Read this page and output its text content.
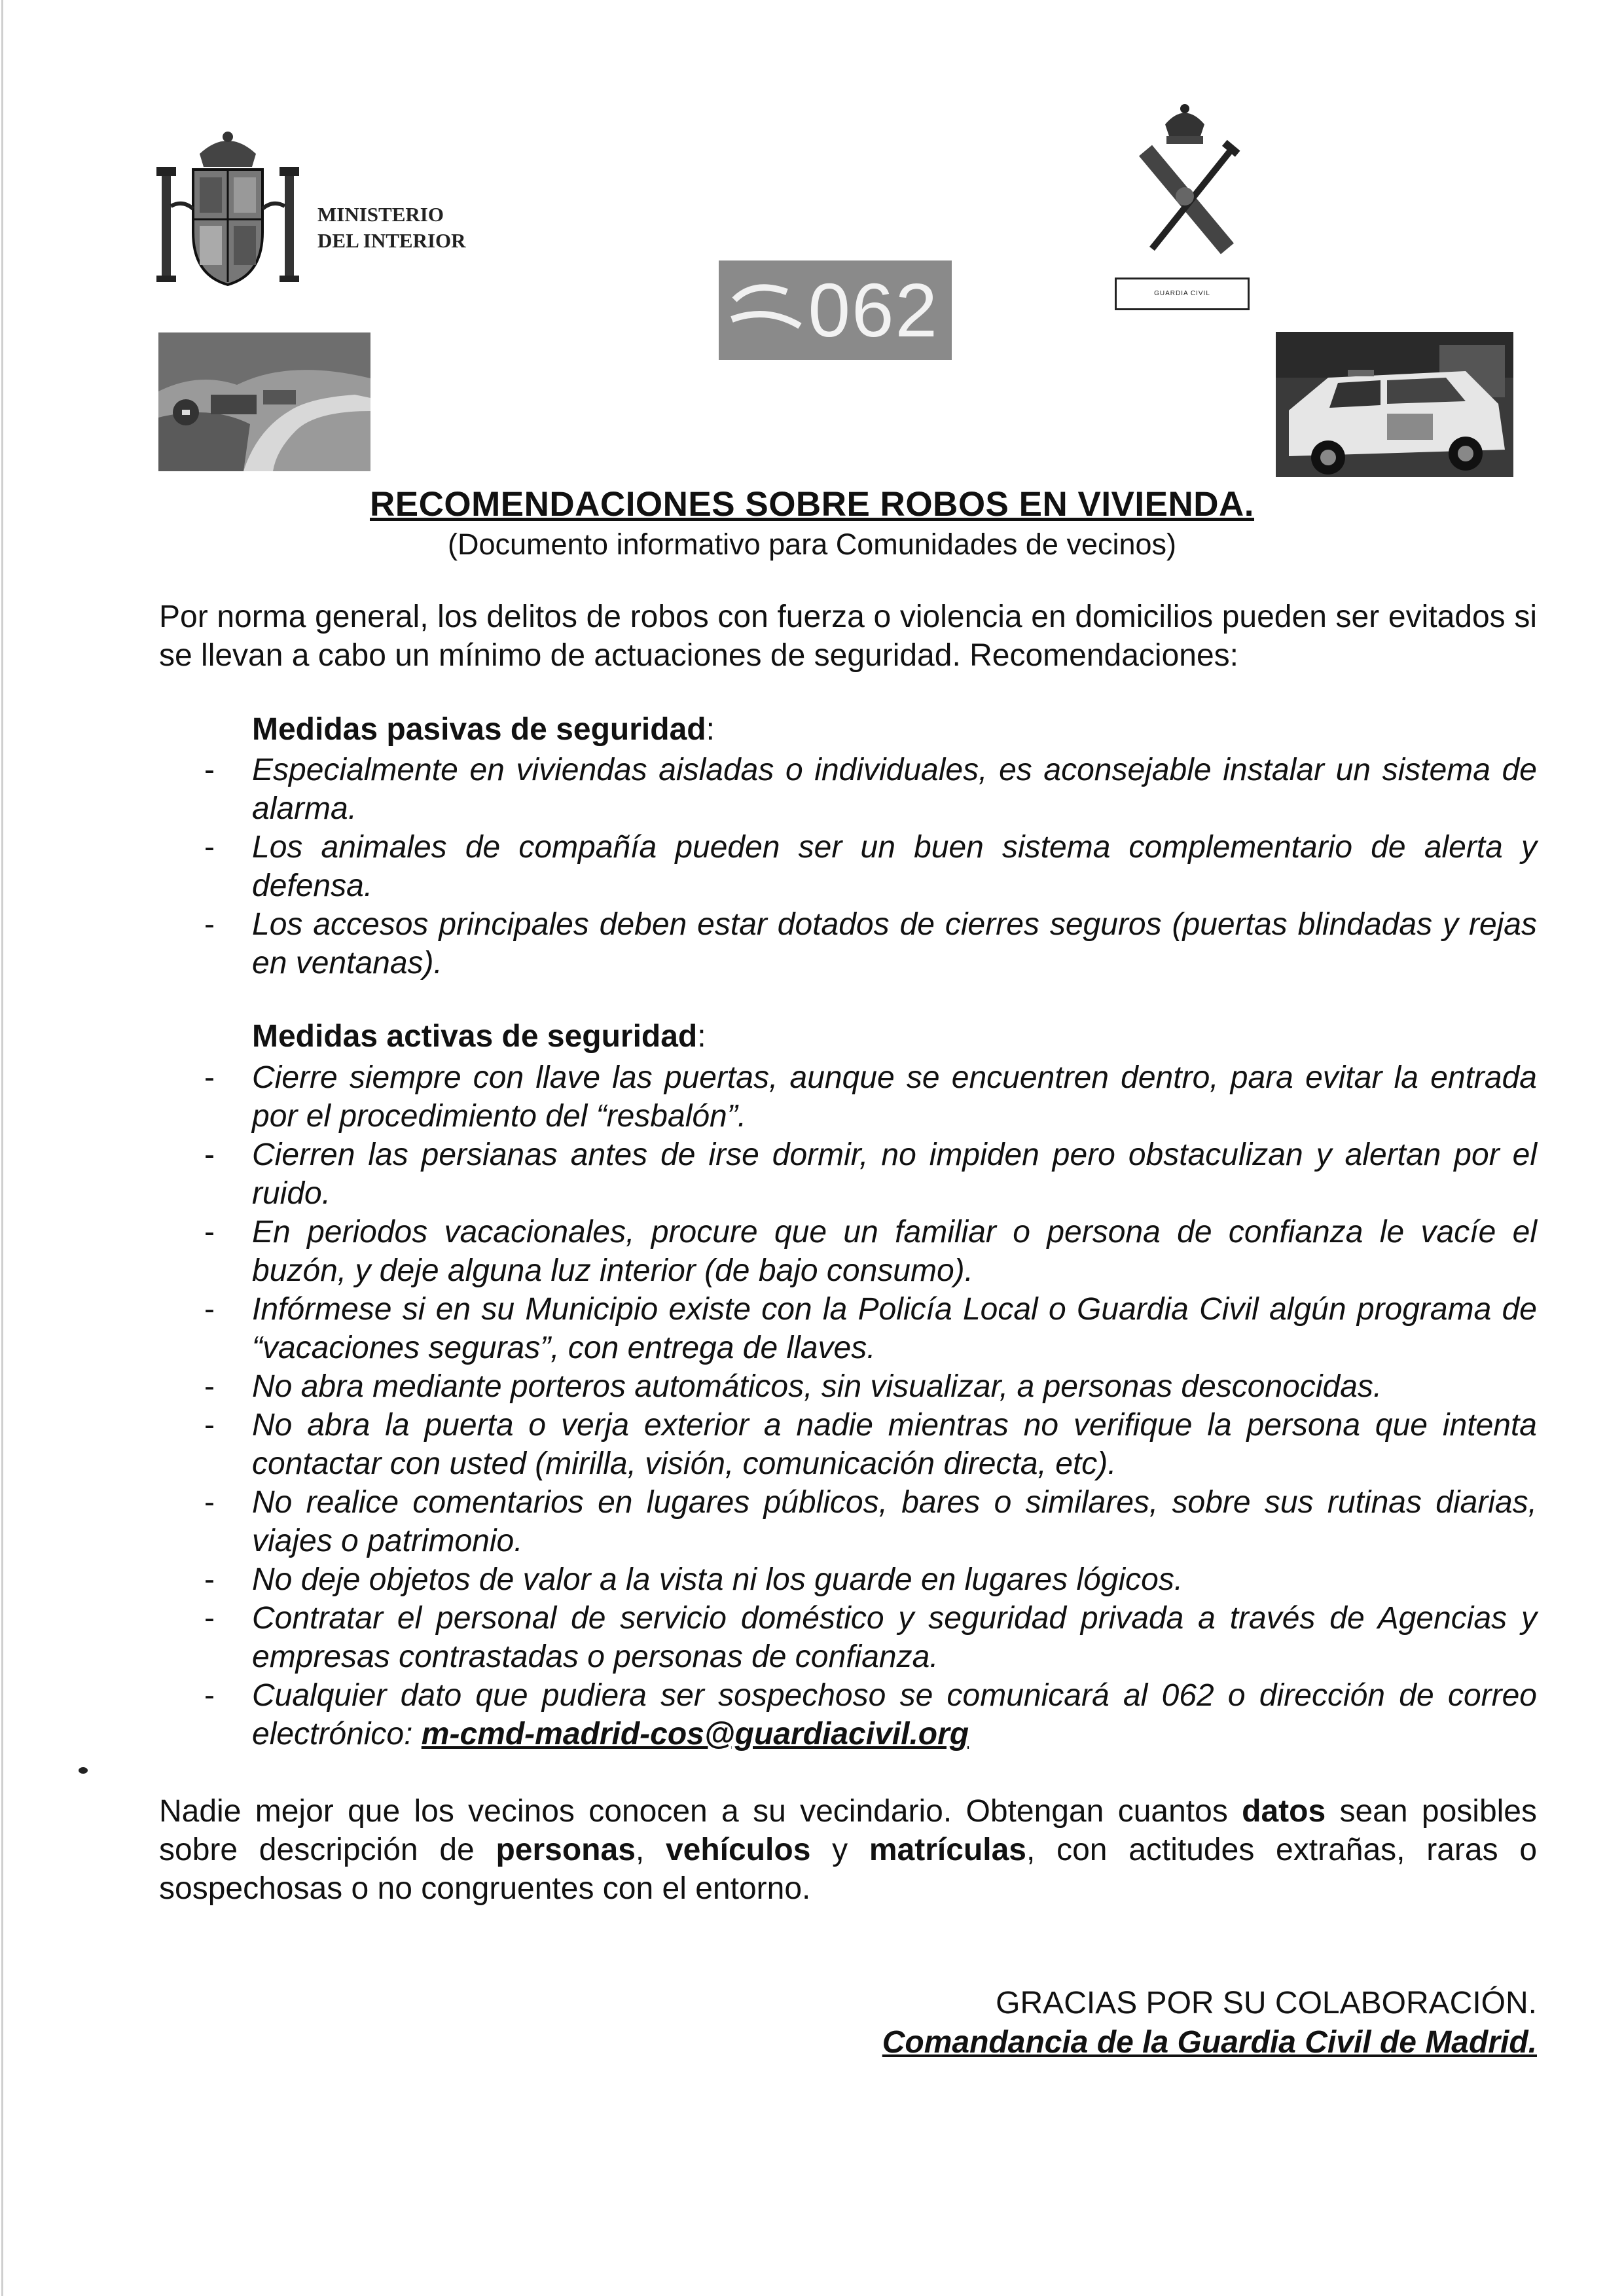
MINISTERIO
DEL INTERIOR
062	GUARDIA CIVIL
RECOMENDACIONES SOBRE ROBOS EN VIVIENDA.
(Documento informativo para Comunidades de vecinos)
Por norma general, los delitos de robos con fuerza o violencia en domicilios pueden ser evitados si se llevan a cabo un mínimo de actuaciones de seguridad. Recomendaciones:
Medidas pasivas de seguridad:
- Especialmente en viviendas aisladas o individuales, es aconsejable instalar un sistema de alarma.
- Los animales de compañía pueden ser un buen sistema complementario de alerta y defensa.
- Los accesos principales deben estar dotados de cierres seguros (puertas blindadas y rejas en ventanas).
Medidas activas de seguridad:
- Cierre siempre con llave las puertas, aunque se encuentren dentro, para evitar la entrada por el procedimiento del “resbalón”.
- Cierren las persianas antes de irse dormir, no impiden pero obstaculizan y alertan por el ruido.
- En periodos vacacionales, procure que un familiar o persona de confianza le vacíe el buzón, y deje alguna luz interior (de bajo consumo).
- Infórmese si en su Municipio existe con la Policía Local o Guardia Civil algún programa de “vacaciones seguras”, con entrega de llaves.
- No abra mediante porteros automáticos, sin visualizar, a personas desconocidas.
- No abra la puerta o verja exterior a nadie mientras no verifique la persona que intenta contactar con usted (mirilla, visión, comunicación directa, etc).
- No realice comentarios en lugares públicos, bares o similares, sobre sus rutinas diarias, viajes o patrimonio.
- No deje objetos de valor a la vista ni los guarde en lugares lógicos.
- Contratar el personal de servicio doméstico y seguridad privada a través de Agencias y empresas contrastadas o personas de confianza.
- Cualquier dato que pudiera ser sospechoso se comunicará al 062 o dirección de correo electrónico: m-cmd-madrid-cos@guardiacivil.org
Nadie mejor que los vecinos conocen a su vecindario. Obtengan cuantos datos sean posibles sobre descripción de personas, vehículos y matrículas, con actitudes extrañas, raras o sospechosas o no congruentes con el entorno.
GRACIAS POR SU COLABORACIÓN.
Comandancia de la Guardia Civil de Madrid.
